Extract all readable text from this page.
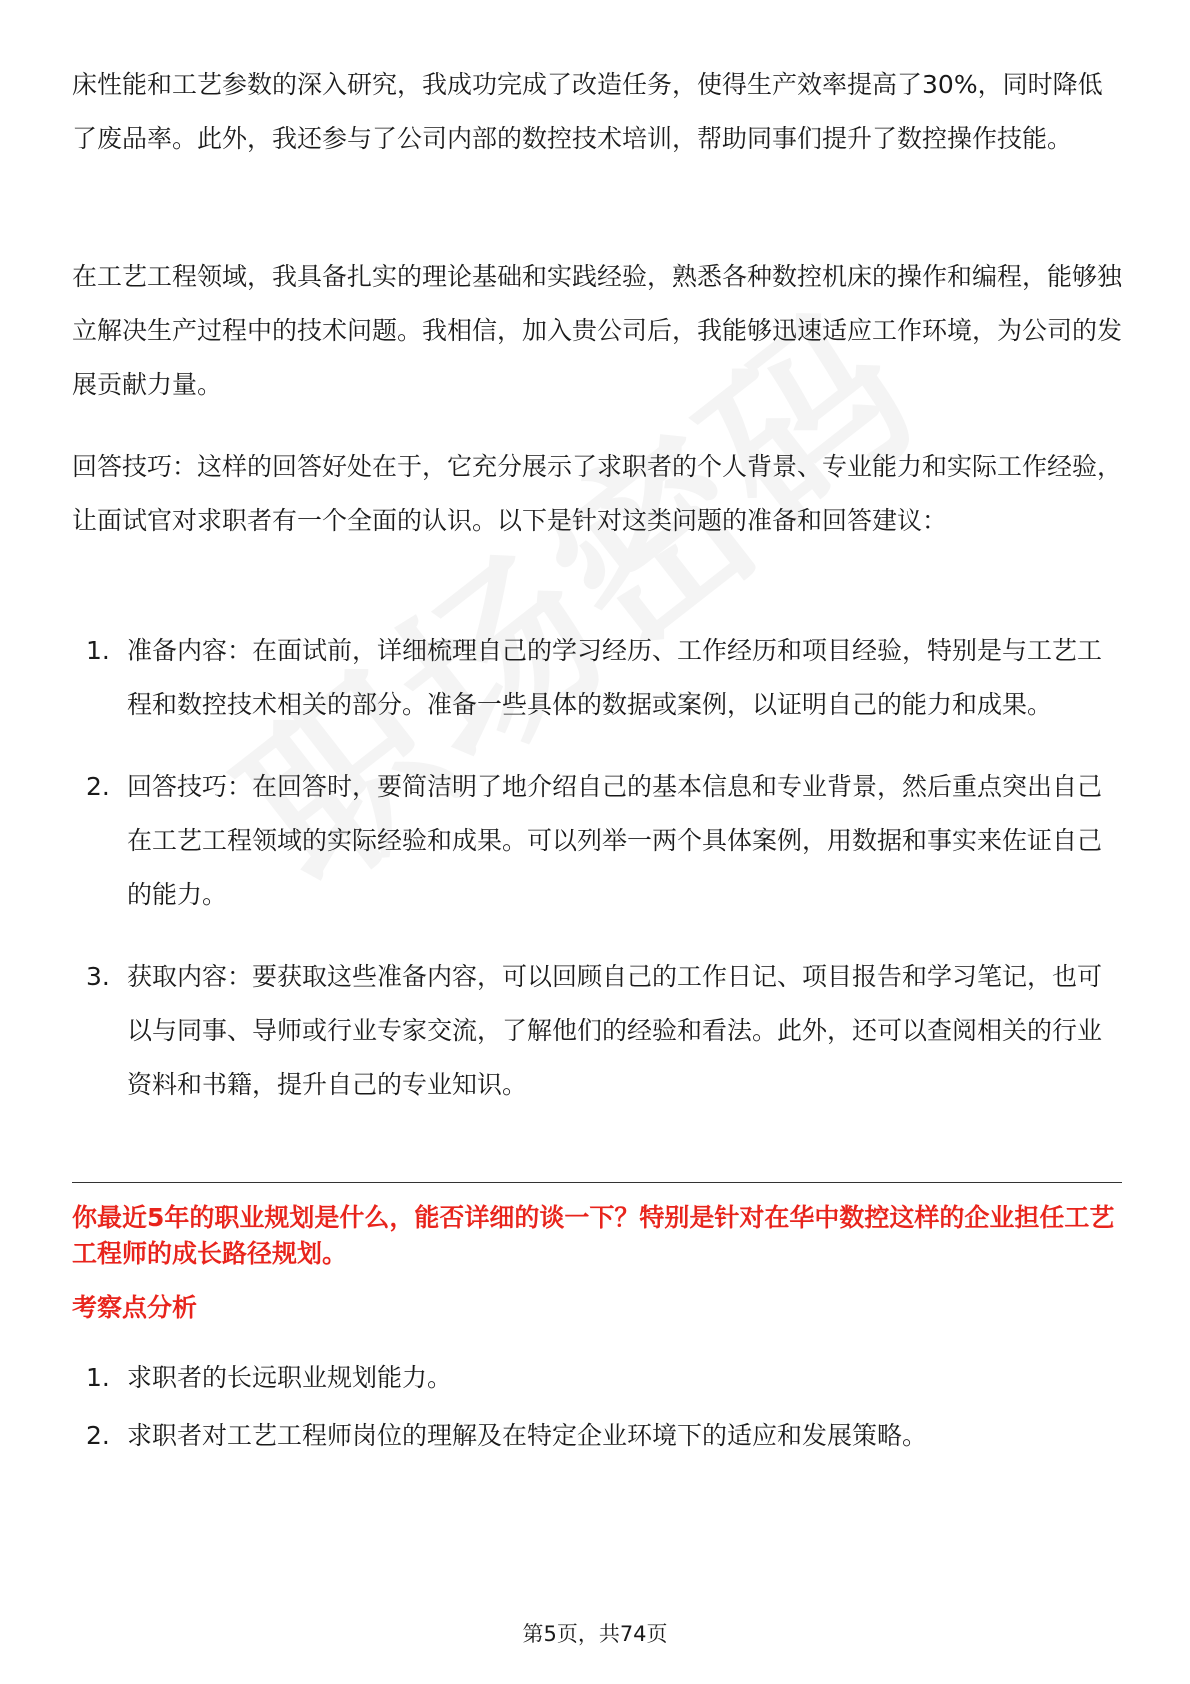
床性能和工艺参数的深入研究，我成功完成了改造任务，使得生产效率提高了30%，同时降低了废品率。此外，我还参与了公司内部的数控技术培训，帮助同事们提升了数控操作技能。

在工艺工程领域，我具备扎实的理论基础和实践经验，熟悉各种数控机床的操作和编程，能够独立解决生产过程中的技术问题。我相信，加入贵公司后，我能够迅速适应工作环境，为公司的发展贡献力量。

回答技巧：这样的回答好处在于，它充分展示了求职者的个人背景、专业能力和实际工作经验，让面试官对求职者有一个全面的认识。以下是针对这类问题的准备和回答建议：

1. 准备内容：在面试前，详细梳理自己的学习经历、工作经历和项目经验，特别是与工艺工程和数控技术相关的部分。准备一些具体的数据或案例，以证明自己的能力和成果。
2. 回答技巧：在回答时，要简洁明了地介绍自己的基本信息和专业背景，然后重点突出自己在工艺工程领域的实际经验和成果。可以列举一两个具体案例，用数据和事实来佐证自己的能力。
3. 获取内容：要获取这些准备内容，可以回顾自己的工作日记、项目报告和学习笔记，也可以与同事、导师或行业专家交流，了解他们的经验和看法。此外，还可以查阅相关的行业资料和书籍，提升自己的专业知识。

你最近5年的职业规划是什么，能否详细的谈一下？特别是针对在华中数控这样的企业担任工艺工程师的成长路径规划。

考察点分析

1. 求职者的长远职业规划能力。
2. 求职者对工艺工程师岗位的理解及在特定企业环境下的适应和发展策略。
第5页，共74页
